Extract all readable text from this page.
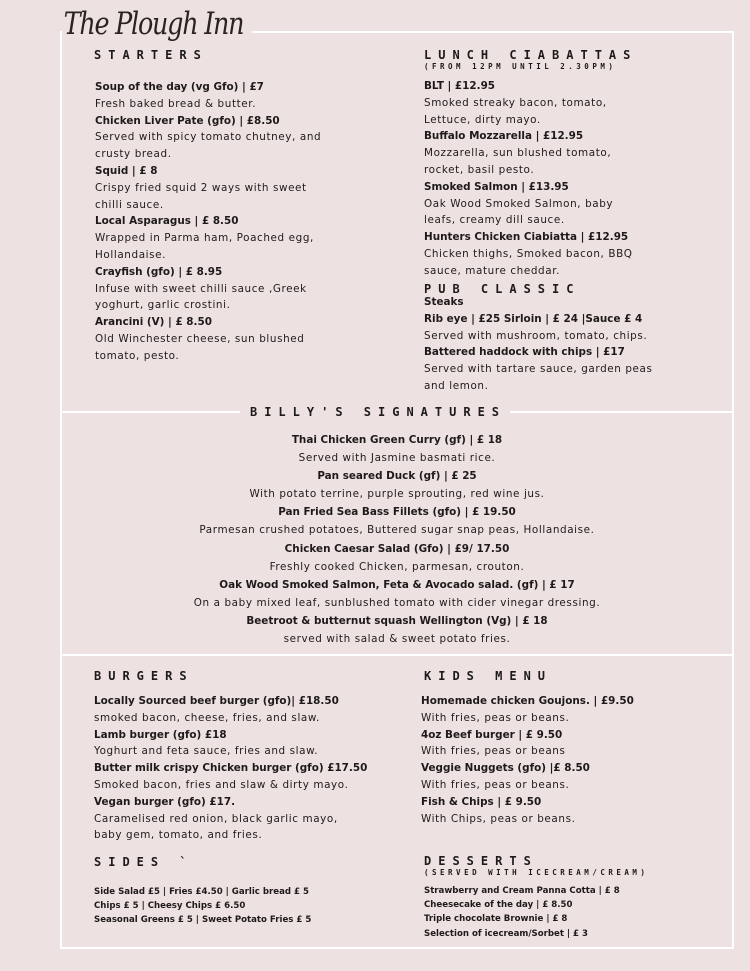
The Plough Inn
STARTERS
Soup of the day (vg Gfo) | £7
Fresh baked bread & butter.
Chicken Liver Pate (gfo) | £8.50
Served with spicy tomato chutney, and
crusty bread.
Squid | £ 8
Crispy fried squid 2 ways with sweet
chilli sauce.
Local Asparagus | £ 8.50
Wrapped in Parma ham, Poached egg,
Hollandaise.
Crayfish (gfo) | £ 8.95
Infuse with sweet chilli sauce ,Greek
yoghurt, garlic crostini.
Arancini (V) | £ 8.50
Old Winchester cheese, sun blushed
tomato, pesto.
LUNCH CIABATTAS
(FROM 12PM UNTIL 2.30PM)
BLT | £12.95
Smoked streaky bacon, tomato,
Lettuce, dirty mayo.
Buffalo Mozzarella | £12.95
Mozzarella, sun blushed tomato,
rocket, basil pesto.
Smoked Salmon | £13.95
Oak Wood Smoked Salmon, baby
leafs, creamy dill sauce.
Hunters Chicken Ciabiatta | £12.95
Chicken thighs, Smoked bacon, BBQ
sauce, mature cheddar.
PUB CLASSIC
Steaks
Rib eye | £25 Sirloin | £ 24 |Sauce £ 4
Served with mushroom, tomato, chips.
Battered haddock with chips | £17
Served with tartare sauce, garden peas
and lemon.
BILLY'S SIGNATURES
Thai Chicken Green Curry (gf) | £ 18
Served with Jasmine basmati rice.
Pan seared Duck (gf) | £ 25
With potato terrine, purple sprouting, red wine jus.
Pan Fried Sea Bass Fillets (gfo) | £ 19.50
Parmesan crushed potatoes, Buttered sugar snap peas, Hollandaise.
Chicken Caesar Salad (Gfo) | £9/ 17.50
Freshly cooked Chicken, parmesan, crouton.
Oak Wood Smoked Salmon, Feta & Avocado salad. (gf) | £ 17
On a baby mixed leaf, sunblushed tomato with cider vinegar dressing.
Beetroot & butternut squash Wellington (Vg) | £ 18
served with salad & sweet potato fries.
BURGERS
Locally Sourced beef burger (gfo)| £18.50
smoked bacon, cheese, fries, and slaw.
Lamb burger (gfo) £18
Yoghurt and feta sauce, fries and slaw.
Butter milk crispy Chicken burger (gfo) £17.50
Smoked bacon, fries and slaw & dirty mayo.
Vegan burger (gfo) £17.
Caramelised red onion, black garlic mayo,
baby gem, tomato, and fries.
KIDS MENU
Homemade chicken Goujons. | £9.50
With fries, peas or beans.
4oz Beef burger | £ 9.50
With fries, peas or beans
Veggie Nuggets (gfo) |£ 8.50
With fries, peas or beans.
Fish & Chips | £ 9.50
With Chips, peas or beans.
SIDES `
Side Salad £5 | Fries £4.50 | Garlic bread £ 5
Chips £ 5 | Cheesy Chips £ 6.50
Seasonal Greens £ 5 | Sweet Potato Fries £ 5
DESSERTS
(SERVED WITH ICECREAM/CREAM)
Strawberry and Cream Panna Cotta | £ 8
Cheesecake of the day | £ 8.50
Triple chocolate Brownie | £ 8
Selection of icecream/Sorbet | £ 3
